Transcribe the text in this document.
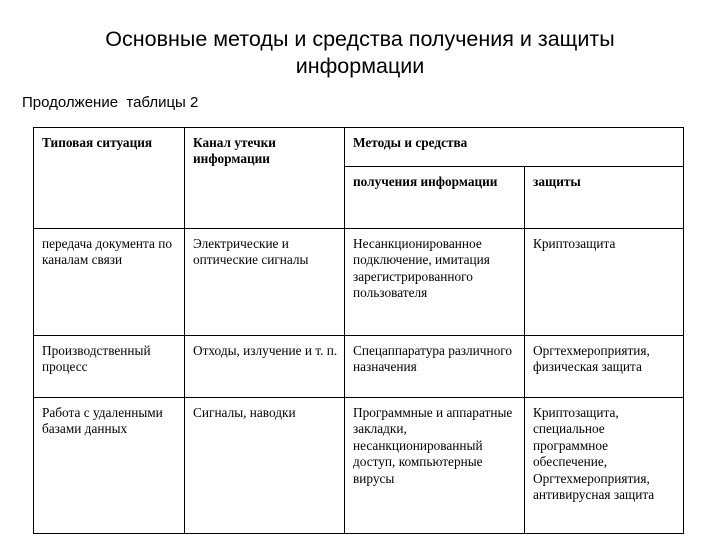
Основные методы и средства получения и защиты информации
Продолжение  таблицы 2
Типовая ситуация	Канал утечки информации	Методы и средства	
		получения информации	защиты
передача документа по каналам связи	Электрические и оптические сигналы	Несанкционированное подключение, имитация зарегистрированного пользователя	Криптозащита
Производственный процесс	Отходы, излучение и т. п.	Спецаппаратура различного назначения	Оргтехмероприятия, физическая защита
Работа с удаленными базами данных	Сигналы, наводки	Программные и аппаратные закладки, несанкционированный доступ, компьютерные вирусы	Криптозащита, специальное программное обеспечение, Оргтехмероприятия, антивирусная защита
